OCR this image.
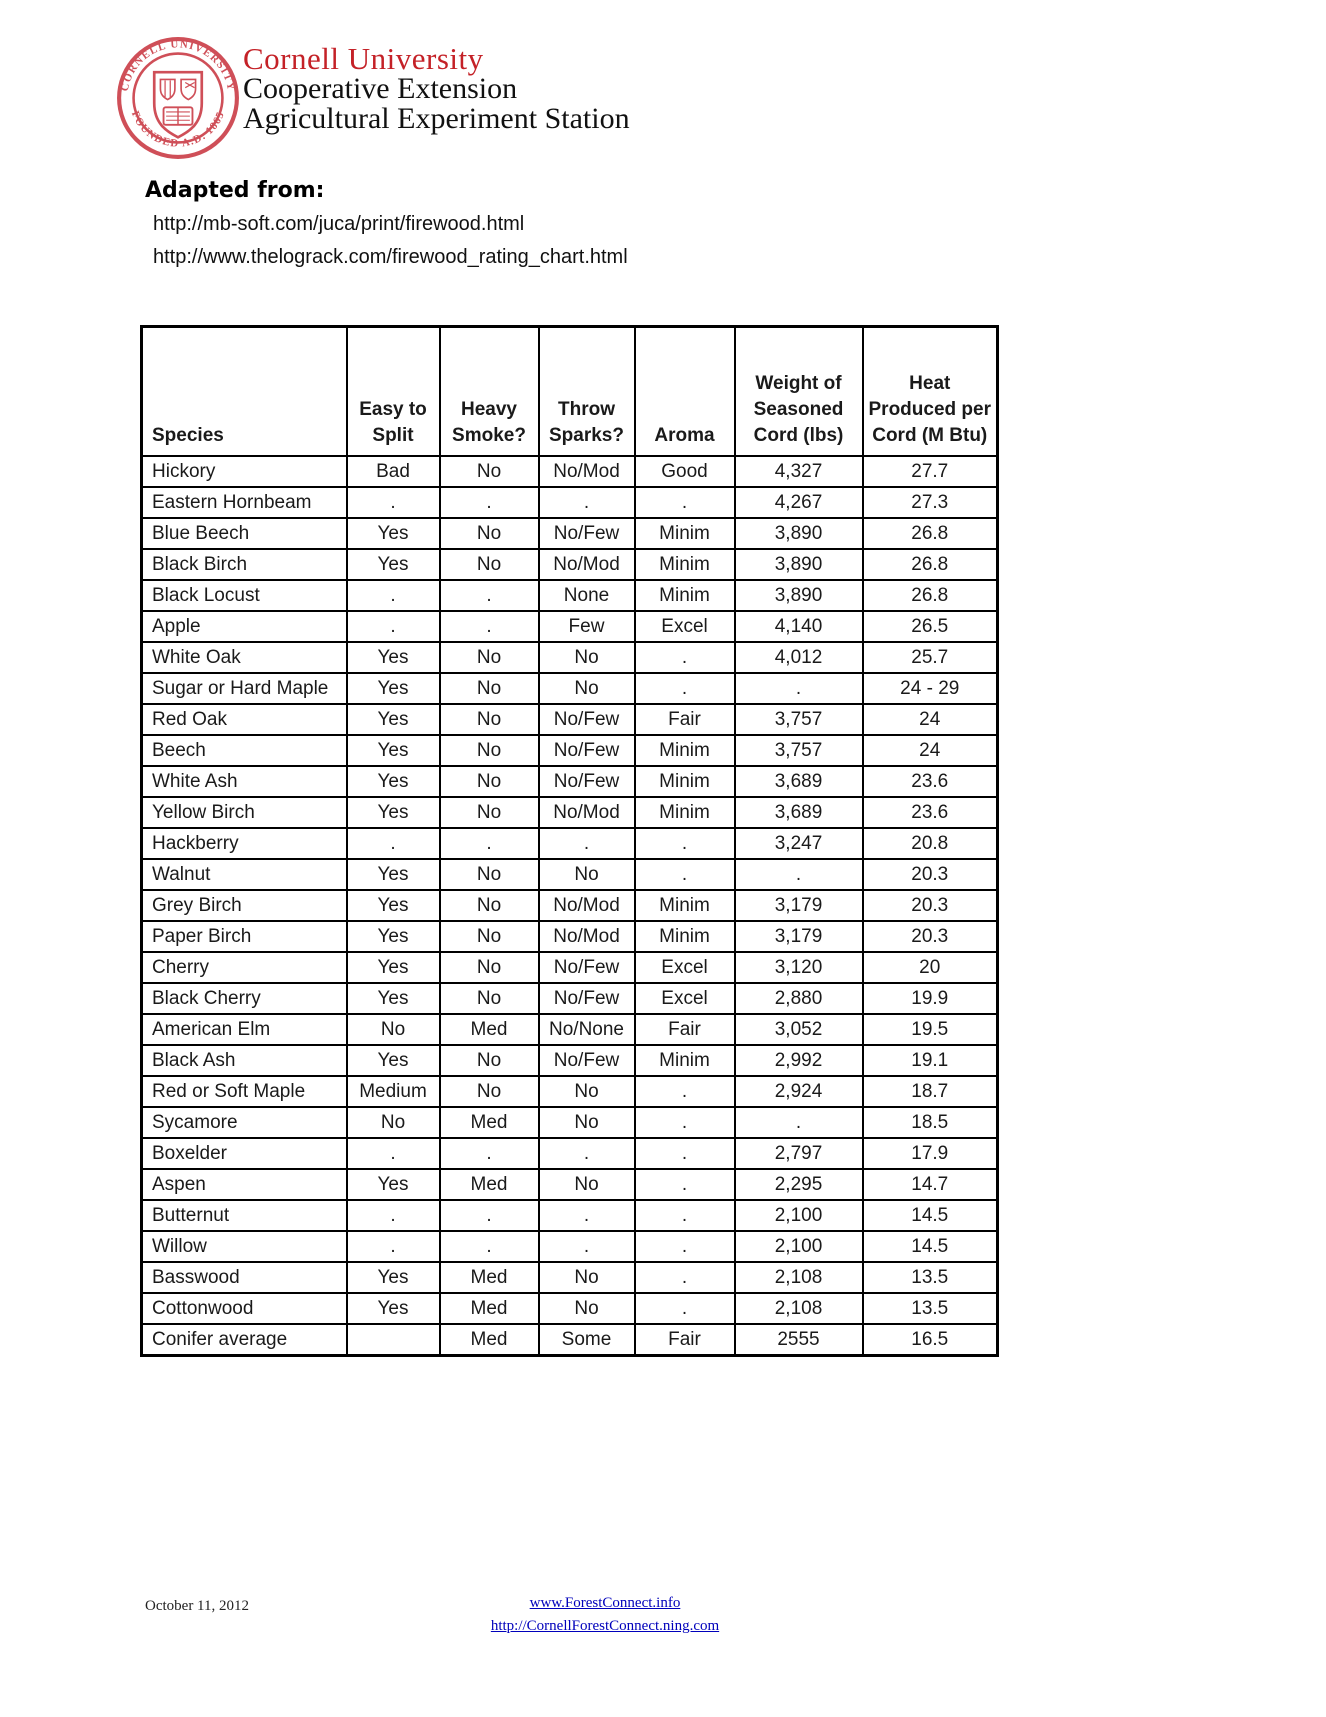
CORNELL UNIVERSITY
FOUNDED A.D. 1865
Cornell University
Cooperative Extension
Agricultural Experiment Station
Adapted from:
http://mb-soft.com/juca/print/firewood.html
http://www.thelograck.com/firewood_rating_chart.html
Species	Easy to Split	Heavy Smoke?	Throw Sparks?	Aroma	Weight of Seasoned Cord (lbs)	Heat Produced per Cord (M Btu)
Hickory	Bad	No	No/Mod	Good	4,327	27.7
Eastern Hornbeam	.	.	.	.	4,267	27.3
Blue Beech	Yes	No	No/Few	Minim	3,890	26.8
Black Birch	Yes	No	No/Mod	Minim	3,890	26.8
Black Locust	.	.	None	Minim	3,890	26.8
Apple	.	.	Few	Excel	4,140	26.5
White Oak	Yes	No	No	.	4,012	25.7
Sugar or Hard Maple	Yes	No	No	.	.	24 - 29
Red Oak	Yes	No	No/Few	Fair	3,757	24
Beech	Yes	No	No/Few	Minim	3,757	24
White Ash	Yes	No	No/Few	Minim	3,689	23.6
Yellow Birch	Yes	No	No/Mod	Minim	3,689	23.6
Hackberry	.	.	.	.	3,247	20.8
Walnut	Yes	No	No	.	.	20.3
Grey Birch	Yes	No	No/Mod	Minim	3,179	20.3
Paper Birch	Yes	No	No/Mod	Minim	3,179	20.3
Cherry	Yes	No	No/Few	Excel	3,120	20
Black Cherry	Yes	No	No/Few	Excel	2,880	19.9
American Elm	No	Med	No/None	Fair	3,052	19.5
Black Ash	Yes	No	No/Few	Minim	2,992	19.1
Red or Soft Maple	Medium	No	No	.	2,924	18.7
Sycamore	No	Med	No	.	.	18.5
Boxelder	.	.	.	.	2,797	17.9
Aspen	Yes	Med	No	.	2,295	14.7
Butternut	.	.	.	.	2,100	14.5
Willow	.	.	.	.	2,100	14.5
Basswood	Yes	Med	No	.	2,108	13.5
Cottonwood	Yes	Med	No	.	2,108	13.5
Conifer average		Med	Some	Fair	2555	16.5
October 11, 2012	www.ForestConnect.info
http://CornellForestConnect.ning.com
